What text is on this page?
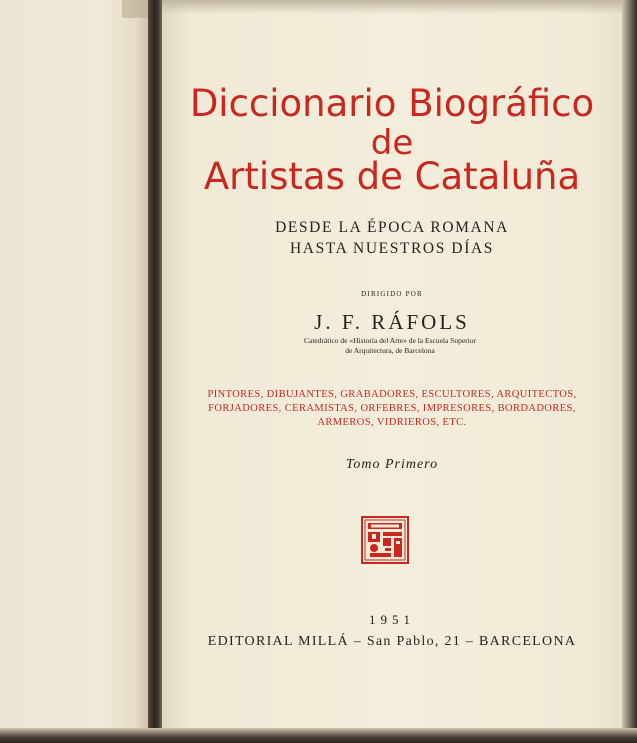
Diccionario Biográfico
de
Artistas de Cataluña
DESDE LA ÉPOCA ROMANA
HASTA NUESTROS DÍAS
DIRIGIDO POR
J. F. RÁFOLS
Catedrático de «Historia del Arte» de la Escuela Superior
de Arquitectura, de Barcelona
PINTORES, DIBUJANTES, GRABADORES, ESCULTORES, ARQUITECTOS,
FORJADORES, CERAMISTAS, ORFEBRES, IMPRESORES, BORDADORES,
ARMEROS, VIDRIEROS, ETC.
Tomo Primero
1951
EDITORIAL MILLÁ – San Pablo, 21 – BARCELONA
